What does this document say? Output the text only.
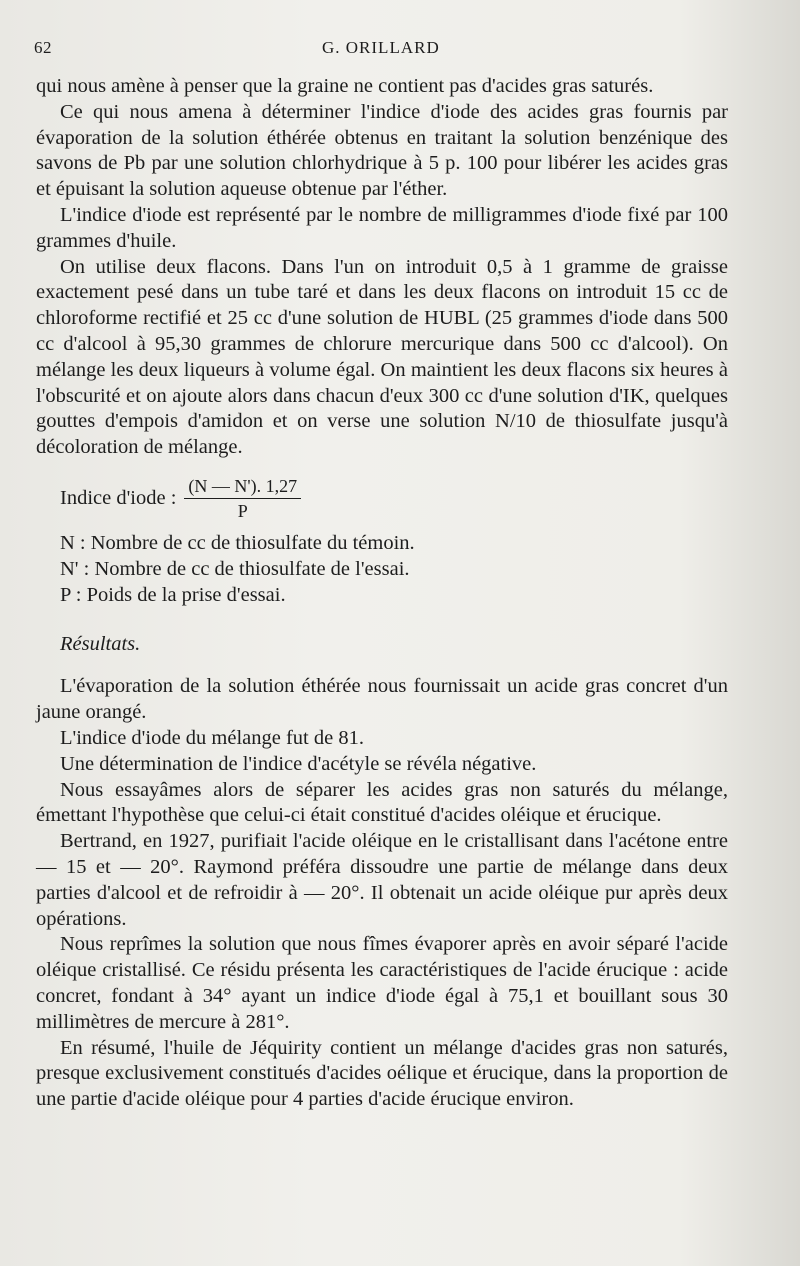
62	G. ORILLARD

qui nous amène à penser que la graine ne contient pas d'acides gras saturés.

Ce qui nous amena à déterminer l'indice d'iode des acides gras fournis par évaporation de la solution éthérée obtenus en traitant la solution benzénique des savons de Pb par une solution chlorhydrique à 5 p. 100 pour libérer les acides gras et épuisant la solution aqueuse obtenue par l'éther.

L'indice d'iode est représenté par le nombre de milligrammes d'iode fixé par 100 grammes d'huile.

On utilise deux flacons. Dans l'un on introduit 0,5 à 1 gramme de graisse exactement pesé dans un tube taré et dans les deux flacons on introduit 15 cc de chloroforme rectifié et 25 cc d'une solution de HUBL (25 grammes d'iode dans 500 cc d'alcool à 95,30 grammes de chlorure mercurique dans 500 cc d'alcool). On mélange les deux liqueurs à volume égal. On maintient les deux flacons six heures à l'obscurité et on ajoute alors dans chacun d'eux 300 cc d'une solution d'IK, quelques gouttes d'empois d'amidon et on verse une solution N/10 de thiosulfate jusqu'à décoloration de mélange.

Indice d'iode : $\frac{(N — N'). 1,27}{P}$
N : Nombre de cc de thiosulfate du témoin.
N' : Nombre de cc de thiosulfate de l'essai.
P : Poids de la prise d'essai.
Résultats.

L'évaporation de la solution éthérée nous fournissait un acide gras concret d'un jaune orangé.

L'indice d'iode du mélange fut de 81.

Une détermination de l'indice d'acétyle se révéla négative.

Nous essayâmes alors de séparer les acides gras non saturés du mélange, émettant l'hypothèse que celui-ci était constitué d'acides oléique et érucique.

Bertrand, en 1927, purifiait l'acide oléique en le cristallisant dans l'acétone entre — 15 et — 20°. Raymond préféra dissoudre une partie de mélange dans deux parties d'alcool et de refroidir à — 20°. Il obtenait un acide oléique pur après deux opérations.

Nous reprîmes la solution que nous fîmes évaporer après en avoir séparé l'acide oléique cristallisé. Ce résidu présenta les caractéristiques de l'acide érucique : acide concret, fondant à 34° ayant un indice d'iode égal à 75,1 et bouillant sous 30 millimètres de mercure à 281°.

En résumé, l'huile de Jéquirity contient un mélange d'acides gras non saturés, presque exclusivement constitués d'acides oélique et érucique, dans la proportion de une partie d'acide oléique pour 4 parties d'acide érucique environ.
